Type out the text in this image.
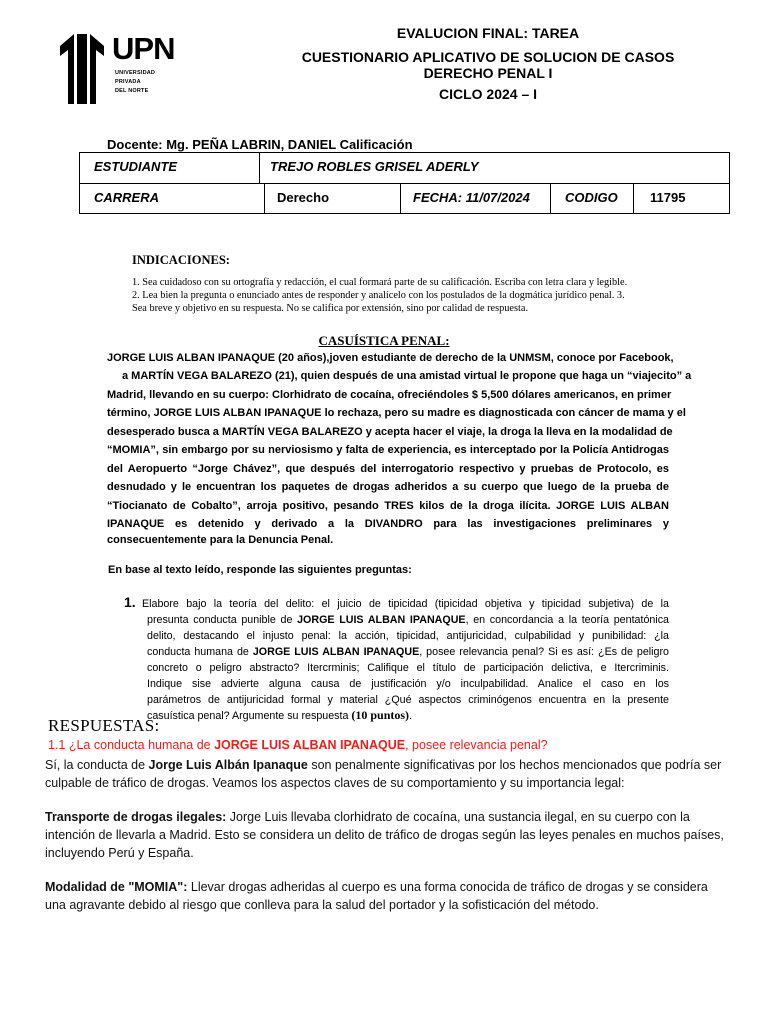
UPN
UNIVERSIDAD
PRIVADA
DEL NORTE
EVALUCION FINAL: TAREA
CUESTIONARIO APLICATIVO DE SOLUCION DE CASOS
DERECHO PENAL I
CICLO 2024 – I
Docente: Mg. PEÑA LABRIN, DANIEL Calificación
ESTUDIANTE	TREJO ROBLES GRISEL ADERLY
CARRERA	Derecho	FECHA: 11/07/2024	CODIGO	11795
INDICACIONES:
1. Sea cuidadoso con su ortografía y redacción, el cual formará parte de su calificación. Escriba con letra clara y legible.
2. Lea bien la pregunta o enunciado antes de responder y analícelo con los postulados de la dogmática jurídico penal. 3.
Sea breve y objetivo en su respuesta. No se califica por extensión, sino por calidad de respuesta.
CASUÍSTICA PENAL:
JORGE LUIS ALBAN IPANAQUE (20 años),joven estudiante de derecho de la UNMSM, conoce por Facebook,
a MARTÍN VEGA BALAREZO (21), quien después de una amistad virtual le propone que haga un “viajecito” a
Madrid, llevando en su cuerpo: Clorhidrato de cocaína, ofreciéndoles $ 5,500 dólares americanos, en primer
término, JORGE LUIS ALBAN IPANAQUE lo rechaza, pero su madre es diagnosticada con cáncer de mama y el
desesperado busca a MARTÍN VEGA BALAREZO y acepta hacer el viaje, la droga la lleva en la modalidad de
“MOMIA”, sin embargo por su nerviosismo y falta de experiencia, es interceptado por la Policía Antidrogas
del Aeropuerto “Jorge Chávez”, que después del interrogatorio respectivo y pruebas de Protocolo, es
desnudado y le encuentran los paquetes de drogas adheridos a su cuerpo que luego de la prueba de
“Tiocianato de Cobalto”, arroja positivo, pesando TRES kilos de la droga ilícita. JORGE LUIS ALBAN
IPANAQUE es detenido y derivado a la DIVANDRO para las investigaciones preliminares y
consecuentemente para la Denuncia Penal.
En base al texto leído, responde las siguientes preguntas:
1. Elabore bajo la teoría del delito: el juicio de tipicidad (tipicidad objetiva y tipicidad subjetiva) de la
presunta conducta punible de JORGE LUIS ALBAN IPANAQUE, en concordancia a la teoría pentatónica
delito, destacando el injusto penal: la acción, tipicidad, antijuricidad, culpabilidad y punibilidad: ¿la
conducta humana de JORGE LUIS ALBAN IPANAQUE, posee relevancia penal? Si es así: ¿Es de peligro
concreto o peligro abstracto? Itercrminis; Califique el título de participación delictiva, e Itercriminis.
Indique sise advierte alguna causa de justificación y/o inculpabilidad. Analice el caso en los
parámetros de antijuricidad formal y material ¿Qué aspectos criminógenos encuentra en la presente
casuística penal? Argumente su respuesta (10 puntos).
RESPUESTAS:
1.1 ¿La conducta humana de JORGE LUIS ALBAN IPANAQUE, posee relevancia penal?
Sí, la conducta de Jorge Luis Albán Ipanaque son penalmente significativas por los hechos mencionados que podría ser
culpable de tráfico de drogas. Veamos los aspectos claves de su comportamiento y su importancia legal:
Transporte de drogas ilegales: Jorge Luis llevaba clorhidrato de cocaína, una sustancia ilegal, en su cuerpo con la
intención de llevarla a Madrid. Esto se considera un delito de tráfico de drogas según las leyes penales en muchos países,
incluyendo Perú y España.
Modalidad de "MOMIA": Llevar drogas adheridas al cuerpo es una forma conocida de tráfico de drogas y se considera
una agravante debido al riesgo que conlleva para la salud del portador y la sofisticación del método.
